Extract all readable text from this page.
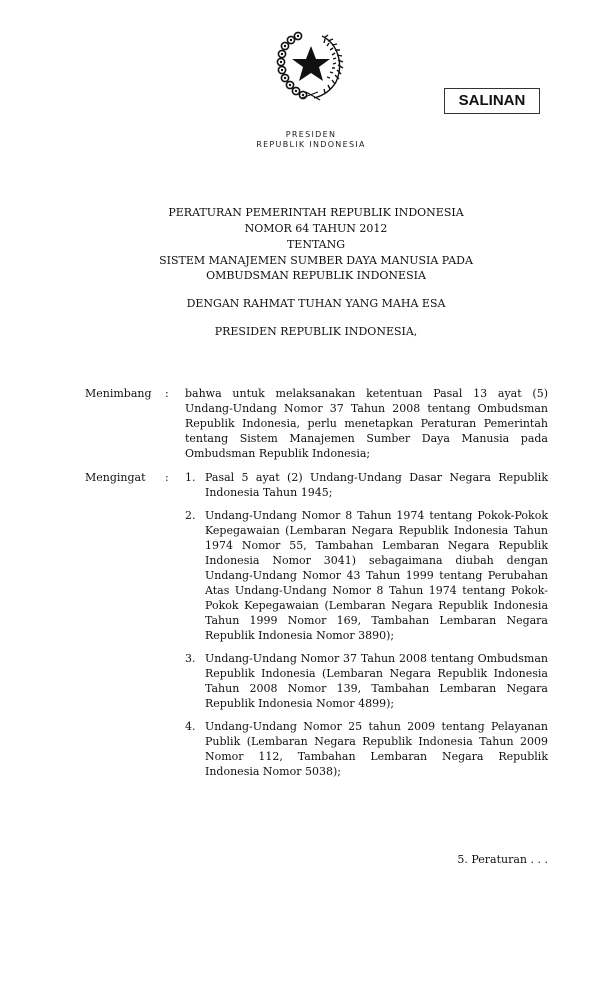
PRESIDEN
REPUBLIK INDONESIA
SALINAN
PERATURAN PEMERINTAH REPUBLIK INDONESIA
NOMOR 64 TAHUN 2012
TENTANG
SISTEM MANAJEMEN SUMBER DAYA MANUSIA PADA
OMBUDSMAN REPUBLIK INDONESIA
DENGAN RAHMAT TUHAN YANG MAHA ESA
PRESIDEN REPUBLIK INDONESIA,
Menimbang	:	bahwa untuk melaksanakan ketentuan Pasal 13 ayat (5) Undang-Undang Nomor 37 Tahun 2008 tentang Ombudsman Republik Indonesia, perlu menetapkan Peraturan Pemerintah tentang Sistem Manajemen Sumber Daya Manusia pada Ombudsman Republik Indonesia;
Mengingat	:	1. Pasal 5 ayat (2) Undang-Undang Dasar Negara Republik Indonesia Tahun 1945;
2. Undang-Undang Nomor 8 Tahun 1974 tentang Pokok-Pokok Kepegawaian (Lembaran Negara Republik Indonesia Tahun 1974 Nomor 55, Tambahan Lembaran Negara Republik Indonesia Nomor 3041) sebagaimana diubah dengan Undang-Undang Nomor 43 Tahun 1999 tentang Perubahan Atas Undang-Undang Nomor 8 Tahun 1974 tentang Pokok-Pokok Kepegawaian (Lembaran Negara Republik Indonesia Tahun 1999 Nomor 169, Tambahan Lembaran Negara Republik Indonesia Nomor 3890);
3. Undang-Undang Nomor 37 Tahun 2008 tentang Ombudsman Republik Indonesia (Lembaran Negara Republik Indonesia Tahun 2008 Nomor 139, Tambahan Lembaran Negara Republik Indonesia Nomor 4899);
4. Undang-Undang Nomor 25 tahun 2009 tentang Pelayanan Publik (Lembaran Negara Republik Indonesia Tahun 2009 Nomor 112, Tambahan Lembaran Negara Republik Indonesia Nomor 5038);
5. Peraturan . . .
